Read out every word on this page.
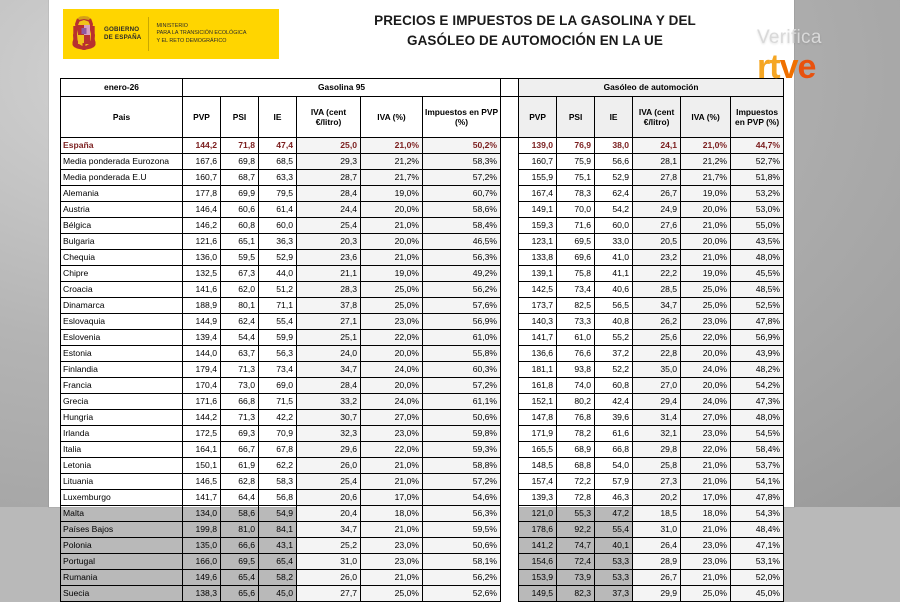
GOBIERNO
DE ESPAÑA
MINISTERIO
PARA LA TRANSICIÓN ECOLÓGICA
Y EL RETO DEMOGRÁFICO
PRECIOS E IMPUESTOS DE LA GASOLINA Y DEL
GASÓLEO DE AUTOMOCIÓN EN LA UE
enero-26	Gasolina 95							Gasóleo de automoción					
Pais	PVP	PSI	IE	IVA (cent €/litro)	IVA (%)	Impuestos en PVP (%)		PVP	PSI	IE	IVA (cent €/litro)	IVA (%)	Impuestos en PVP (%)
España	144,2	71,8	47,4	25,0	21,0%	50,2%		139,0	76,9	38,0	24,1	21,0%	44,7%
Media ponderada Eurozona	167,6	69,8	68,5	29,3	21,2%	58,3%		160,7	75,9	56,6	28,1	21,2%	52,7%
Media ponderada E.U	160,7	68,7	63,3	28,7	21,7%	57,2%		155,9	75,1	52,9	27,8	21,7%	51,8%
Alemania	177,8	69,9	79,5	28,4	19,0%	60,7%		167,4	78,3	62,4	26,7	19,0%	53,2%
Austria	146,4	60,6	61,4	24,4	20,0%	58,6%		149,1	70,0	54,2	24,9	20,0%	53,0%
Bélgica	146,2	60,8	60,0	25,4	21,0%	58,4%		159,3	71,6	60,0	27,6	21,0%	55,0%
Bulgaria	121,6	65,1	36,3	20,3	20,0%	46,5%		123,1	69,5	33,0	20,5	20,0%	43,5%
Chequia	136,0	59,5	52,9	23,6	21,0%	56,3%		133,8	69,6	41,0	23,2	21,0%	48,0%
Chipre	132,5	67,3	44,0	21,1	19,0%	49,2%		139,1	75,8	41,1	22,2	19,0%	45,5%
Croacia	141,6	62,0	51,2	28,3	25,0%	56,2%		142,5	73,4	40,6	28,5	25,0%	48,5%
Dinamarca	188,9	80,1	71,1	37,8	25,0%	57,6%		173,7	82,5	56,5	34,7	25,0%	52,5%
Eslovaquia	144,9	62,4	55,4	27,1	23,0%	56,9%		140,3	73,3	40,8	26,2	23,0%	47,8%
Eslovenia	139,4	54,4	59,9	25,1	22,0%	61,0%		141,7	61,0	55,2	25,6	22,0%	56,9%
Estonia	144,0	63,7	56,3	24,0	20,0%	55,8%		136,6	76,6	37,2	22,8	20,0%	43,9%
Finlandia	179,4	71,3	73,4	34,7	24,0%	60,3%		181,1	93,8	52,2	35,0	24,0%	48,2%
Francia	170,4	73,0	69,0	28,4	20,0%	57,2%		161,8	74,0	60,8	27,0	20,0%	54,2%
Grecia	171,6	66,8	71,5	33,2	24,0%	61,1%		152,1	80,2	42,4	29,4	24,0%	47,3%
Hungria	144,2	71,3	42,2	30,7	27,0%	50,6%		147,8	76,8	39,6	31,4	27,0%	48,0%
Irlanda	172,5	69,3	70,9	32,3	23,0%	59,8%		171,9	78,2	61,6	32,1	23,0%	54,5%
Italia	164,1	66,7	67,8	29,6	22,0%	59,3%		165,5	68,9	66,8	29,8	22,0%	58,4%
Letonia	150,1	61,9	62,2	26,0	21,0%	58,8%		148,5	68,8	54,0	25,8	21,0%	53,7%
Lituania	146,5	62,8	58,3	25,4	21,0%	57,2%		157,4	72,2	57,9	27,3	21,0%	54,1%
Luxemburgo	141,7	64,4	56,8	20,6	17,0%	54,6%		139,3	72,8	46,3	20,2	17,0%	47,8%
Malta	134,0	58,6	54,9	20,4	18,0%	56,3%		121,0	55,3	47,2	18,5	18,0%	54,3%
Países Bajos	199,8	81,0	84,1	34,7	21,0%	59,5%		178,6	92,2	55,4	31,0	21,0%	48,4%
Polonia	135,0	66,6	43,1	25,2	23,0%	50,6%		141,2	74,7	40,1	26,4	23,0%	47,1%
Portugal	166,0	69,5	65,4	31,0	23,0%	58,1%		154,6	72,4	53,3	28,9	23,0%	53,1%
Rumania	149,6	65,4	58,2	26,0	21,0%	56,2%		153,9	73,9	53,3	26,7	21,0%	52,0%
Suecia	138,3	65,6	45,0	27,7	25,0%	52,6%		149,5	82,3	37,3	29,9	25,0%	45,0%
Verifica
rtve
